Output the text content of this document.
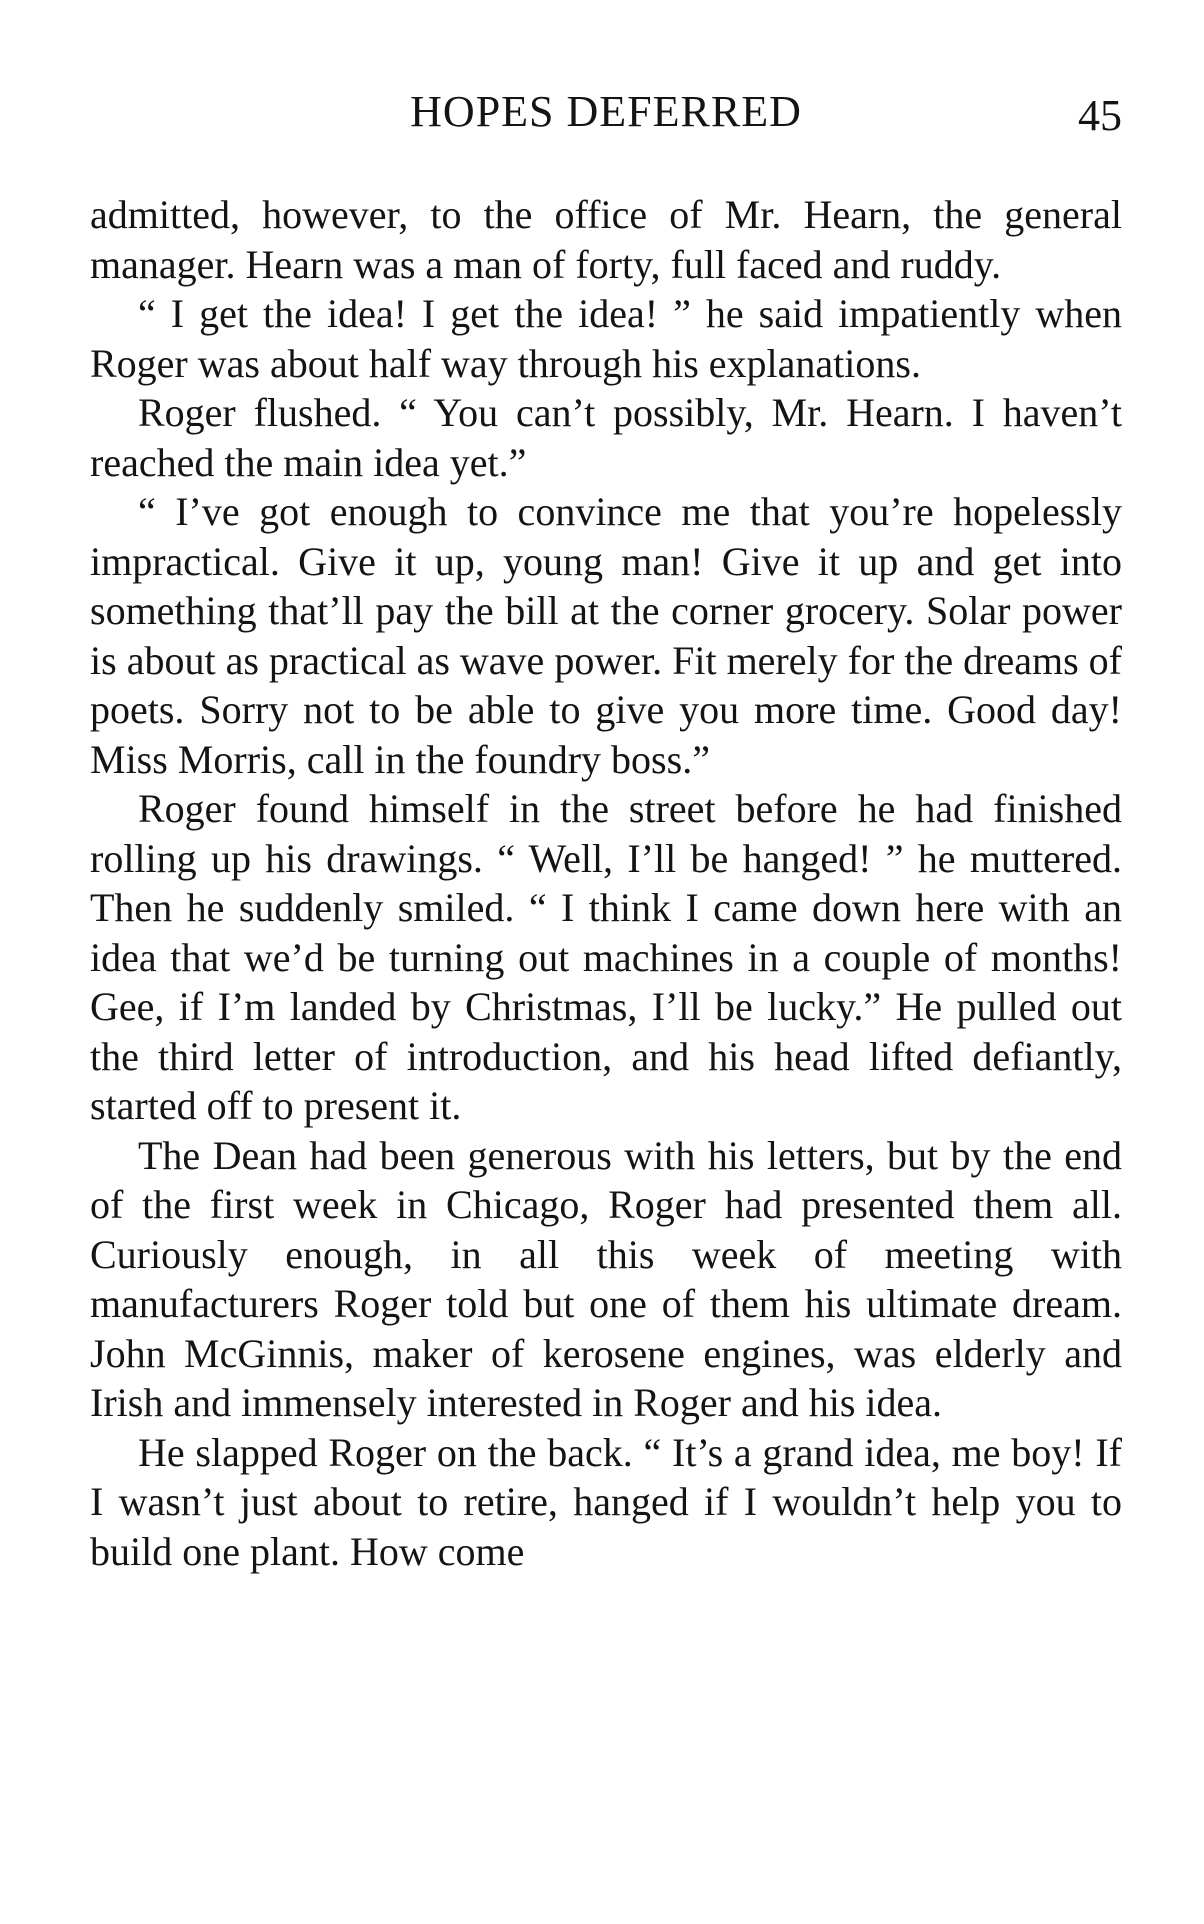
HOPES DEFERRED	45

admitted, however, to the office of Mr. Hearn, the general manager. Hearn was a man of forty, full faced and ruddy.

“ I get the idea! I get the idea! ” he said impatiently when Roger was about half way through his explanations.

Roger flushed. “ You can’t possibly, Mr. Hearn. I haven’t reached the main idea yet.”

“ I’ve got enough to convince me that you’re hopelessly impractical. Give it up, young man! Give it up and get into something that’ll pay the bill at the corner grocery. Solar power is about as practical as wave power. Fit merely for the dreams of poets. Sorry not to be able to give you more time. Good day! Miss Morris, call in the foundry boss.”

Roger found himself in the street before he had finished rolling up his drawings. “ Well, I’ll be hanged! ” he muttered. Then he suddenly smiled. “ I think I came down here with an idea that we’d be turning out machines in a couple of months! Gee, if I’m landed by Christmas, I’ll be lucky.” He pulled out the third letter of introduction, and his head lifted defiantly, started off to present it.

The Dean had been generous with his letters, but by the end of the first week in Chicago, Roger had presented them all. Curiously enough, in all this week of meeting with manufacturers Roger told but one of them his ultimate dream. John McGinnis, maker of kerosene engines, was elderly and Irish and immensely interested in Roger and his idea.

He slapped Roger on the back. “ It’s a grand idea, me boy! If I wasn’t just about to retire, hanged if I wouldn’t help you to build one plant. How come
